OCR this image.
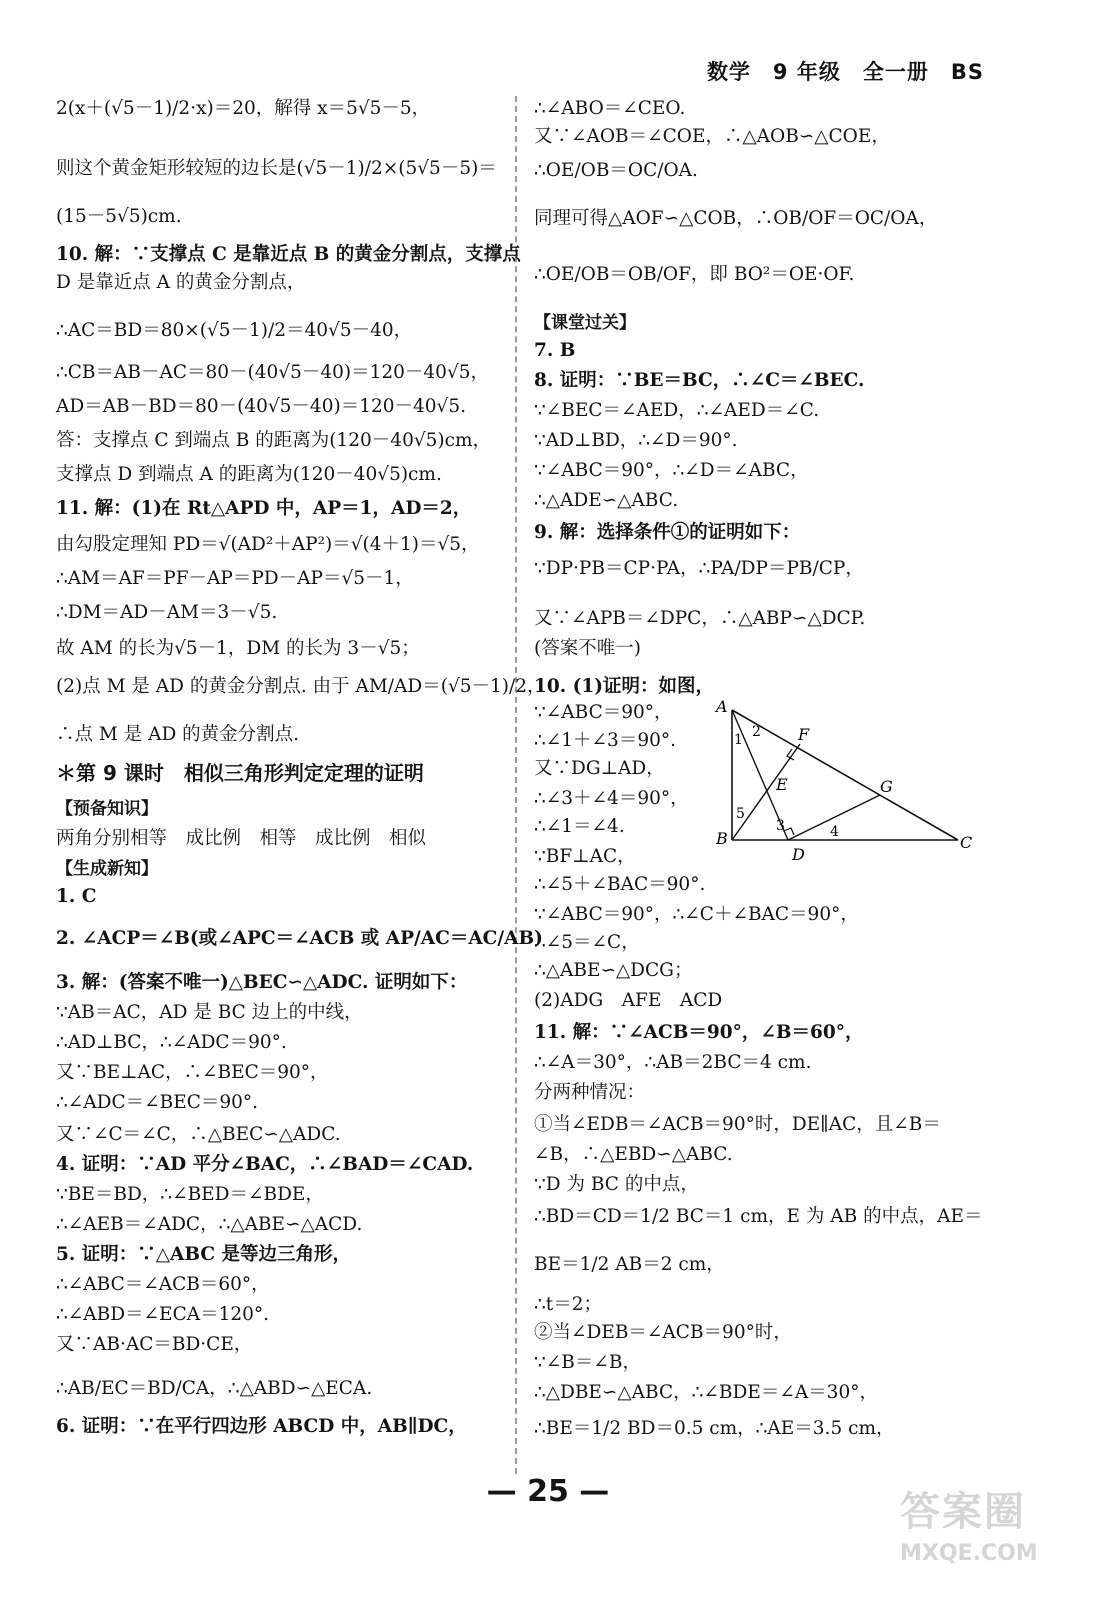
数学　9 年级　全一册　BS
2(x＋(√5－1)/2·x)＝20，解得 x＝5√5－5，
则这个黄金矩形较短的边长是(√5－1)/2×(5√5－5)＝
(15－5√5)cm.
10. 解：∵支撑点 C 是靠近点 B 的黄金分割点，支撑点
D 是靠近点 A 的黄金分割点，
∴AC＝BD＝80×(√5－1)/2＝40√5－40，
∴CB＝AB－AC＝80－(40√5－40)＝120－40√5，
AD＝AB－BD＝80－(40√5－40)＝120－40√5.
答：支撑点 C 到端点 B 的距离为(120－40√5)cm，
支撑点 D 到端点 A 的距离为(120－40√5)cm.
11. 解：(1)在 Rt△APD 中，AP＝1，AD＝2，
由勾股定理知 PD＝√(AD²＋AP²)＝√(4＋1)＝√5，
∴AM＝AF＝PF－AP＝PD－AP＝√5－1，
∴DM＝AD－AM＝3－√5.
故 AM 的长为√5－1，DM 的长为 3－√5；
(2)点 M 是 AD 的黄金分割点. 由于 AM/AD＝(√5－1)/2，
∴点 M 是 AD 的黄金分割点.
＊第 9 课时　相似三角形判定定理的证明
【预备知识】
两角分别相等　成比例　相等　成比例　相似
【生成新知】
1. C
2. ∠ACP＝∠B(或∠APC＝∠ACB 或 AP/AC＝AC/AB)
3. 解：(答案不唯一)△BEC∽△ADC. 证明如下：
∵AB＝AC，AD 是 BC 边上的中线，
∴AD⊥BC，∴∠ADC＝90°.
又∵BE⊥AC，∴∠BEC＝90°，
∴∠ADC＝∠BEC＝90°.
又∵∠C＝∠C，∴△BEC∽△ADC.
4. 证明：∵AD 平分∠BAC，∴∠BAD＝∠CAD.
∵BE＝BD，∴∠BED＝∠BDE，
∴∠AEB＝∠ADC，∴△ABE∽△ACD.
5. 证明：∵△ABC 是等边三角形，
∴∠ABC＝∠ACB＝60°，
∴∠ABD＝∠ECA＝120°.
又∵AB·AC＝BD·CE，
∴AB/EC＝BD/CA，∴△ABD∽△ECA.
6. 证明：∵在平行四边形 ABCD 中，AB∥DC，
∴∠ABO＝∠CEO.
又∵∠AOB＝∠COE，∴△AOB∽△COE，
∴OE/OB＝OC/OA.
同理可得△AOF∽△COB，∴OB/OF＝OC/OA，
∴OE/OB＝OB/OF，即 BO²＝OE·OF.
【课堂过关】
7. B
8. 证明：∵BE＝BC，∴∠C＝∠BEC.
∵∠BEC＝∠AED，∴∠AED＝∠C.
∵AD⊥BD，∴∠D＝90°.
∵∠ABC＝90°，∴∠D＝∠ABC，
∴△ADE∽△ABC.
9. 解：选择条件①的证明如下：
∵DP·PB＝CP·PA，∴PA/DP＝PB/CP，
又∵∠APB＝∠DPC，∴△ABP∽△DCP.
(答案不唯一)
10. (1)证明：如图，
∵∠ABC＝90°，
∴∠1＋∠3＝90°.
又∵DG⊥AD，
∴∠3＋∠4＝90°，
∴∠1＝∠4.
∵BF⊥AC，
∴∠5＋∠BAC＝90°.
∵∠ABC＝90°，∴∠C＋∠BAC＝90°，
∴∠5＝∠C，
∴△ABE∽△DCG；
(2)ADG　AFE　ACD
11. 解：∵∠ACB＝90°，∠B＝60°，
∴∠A＝30°，∴AB＝2BC＝4 cm.
分两种情况：
①当∠EDB＝∠ACB＝90°时，DE∥AC，且∠B＝
∠B，∴△EBD∽△ABC.
∵D 为 BC 的中点，
∴BD＝CD＝1/2 BC＝1 cm，E 为 AB 的中点，AE＝
BE＝1/2 AB＝2 cm，
∴t＝2；
②当∠DEB＝∠ACB＝90°时，
∵∠B＝∠B，
∴△DBE∽△ABC，∴∠BDE＝∠A＝30°，
∴BE＝1/2 BD＝0.5 cm，∴AE＝3.5 cm，
A
B	C
D
E
F
G
1 2
3	4
5
— 25 —	答案圈
MXQE.COM
